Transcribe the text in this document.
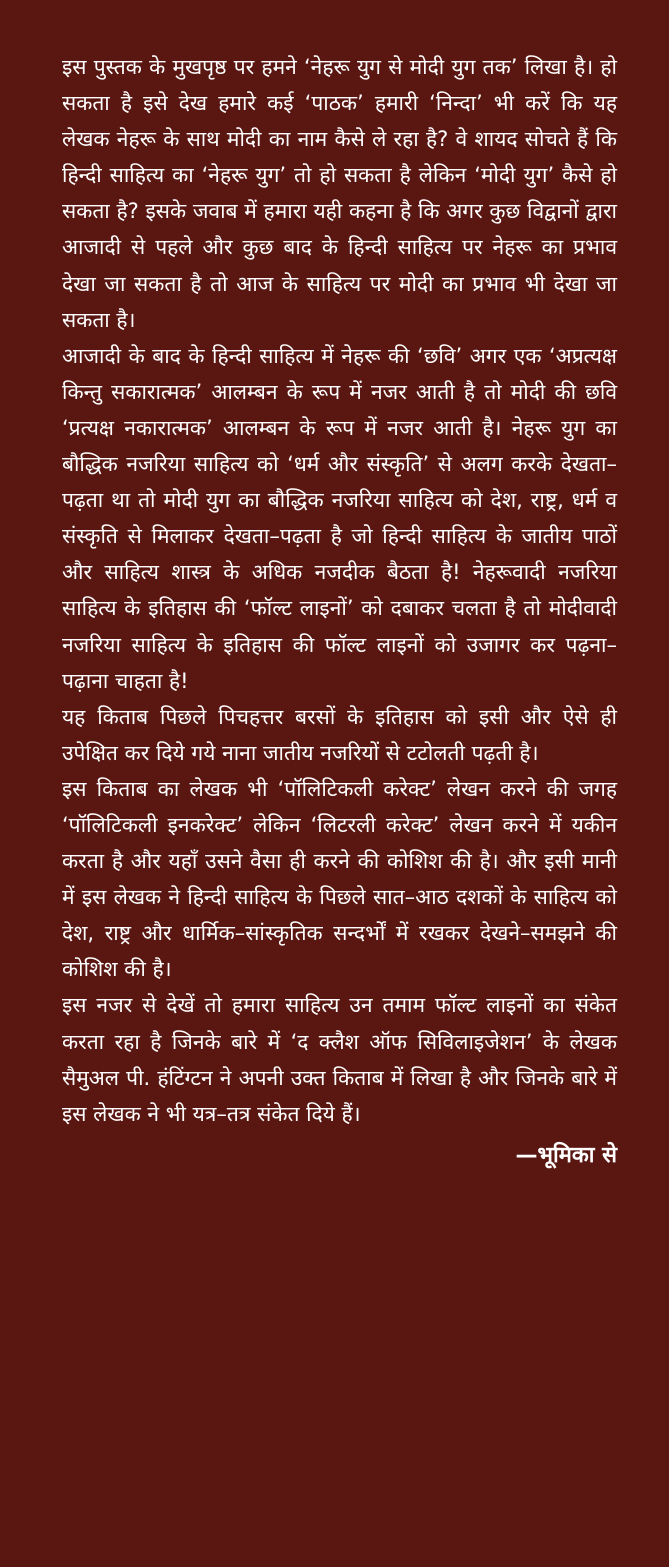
इस पुस्तक के मुखपृष्ठ पर हमने ‘नेहरू युग से मोदी युग तक’ लिखा है। हो सकता है इसे देख हमारे कई ‘पाठक’ हमारी ‘निन्दा’ भी करें कि यह लेखक नेहरू के साथ मोदी का नाम कैसे ले रहा है? वे शायद सोचते हैं कि हिन्दी साहित्य का ‘नेहरू युग’ तो हो सकता है लेकिन ‘मोदी युग’ कैसे हो सकता है? इसके जवाब में हमारा यही कहना है कि अगर कुछ विद्वानों द्वारा आजादी से पहले और कुछ बाद के हिन्दी साहित्य पर नेहरू का प्रभाव देखा जा सकता है तो आज के साहित्य पर मोदी का प्रभाव भी देखा जा सकता है।

आजादी के बाद के हिन्दी साहित्य में नेहरू की ‘छवि’ अगर एक ‘अप्रत्यक्ष किन्तु सकारात्मक’ आलम्बन के रूप में नजर आती है तो मोदी की छवि ‘प्रत्यक्ष नकारात्मक’ आलम्बन के रूप में नजर आती है। नेहरू युग का बौद्धिक नजरिया साहित्य को ‘धर्म और संस्कृति’ से अलग करके देखता–पढ़ता था तो मोदी युग का बौद्धिक नजरिया साहित्य को देश, राष्ट्र, धर्म व संस्कृति से मिलाकर देखता–पढ़ता है जो हिन्दी साहित्य के जातीय पाठों और साहित्य शास्त्र के अधिक नजदीक बैठता है! नेहरूवादी नजरिया साहित्य के इतिहास की ‘फॉल्ट लाइनों’ को दबाकर चलता है तो मोदीवादी नजरिया साहित्य के इतिहास की फॉल्ट लाइनों को उजागर कर पढ़ना–पढ़ाना चाहता है!

यह किताब पिछले पिचहत्तर बरसों के इतिहास को इसी और ऐसे ही उपेक्षित कर दिये गये नाना जातीय नजरियों से टटोलती पढ़ती है।

इस किताब का लेखक भी ‘पॉलिटिकली करेक्ट’ लेखन करने की जगह ‘पॉलिटिकली इनकरेक्ट’ लेकिन ‘लिटरली करेक्ट’ लेखन करने में यकीन करता है और यहाँ उसने वैसा ही करने की कोशिश की है। और इसी मानी में इस लेखक ने हिन्दी साहित्य के पिछले सात–आठ दशकों के साहित्य को देश, राष्ट्र और धार्मिक–सांस्कृतिक सन्दर्भों में रखकर देखने–समझने की कोशिश की है।

इस नजर से देखें तो हमारा साहित्य उन तमाम फॉल्ट लाइनों का संकेत करता रहा है जिनके बारे में ‘द क्लैश ऑफ सिविलाइजेशन’ के लेखक सैमुअल पी. हंटिंग्टन ने अपनी उक्त किताब में लिखा है और जिनके बारे में इस लेखक ने भी यत्र–तत्र संकेत दिये हैं।

—भूमिका से
